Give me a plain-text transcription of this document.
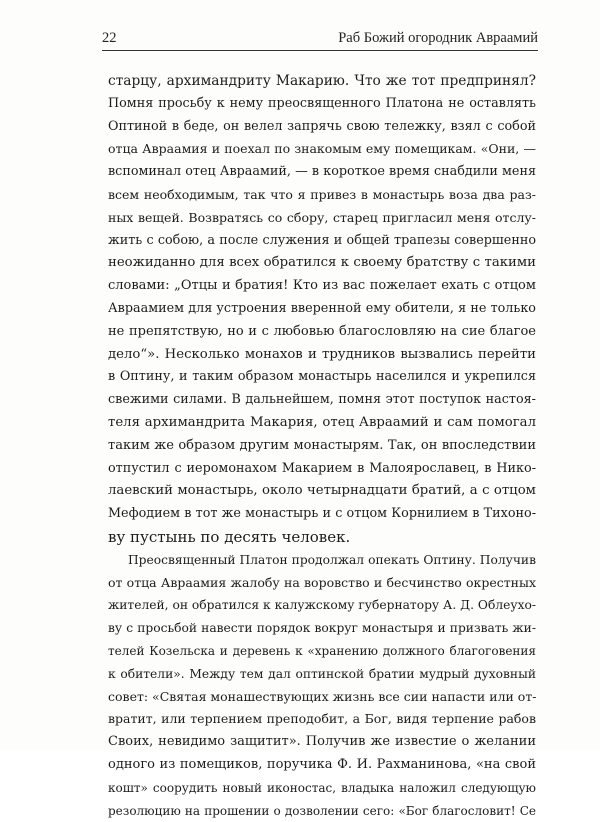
22	Раб Божий огородник Авраамий
старцу, архимандриту Макарию. Что же тот предпринял?
Помня просьбу к нему преосвященного Платона не оставлять
Оптиной в беде, он велел запрячь свою тележку, взял с собой
отца Авраамия и поехал по знакомым ему помещикам. «Они, —
вспоминал отец Авраамий, — в короткое время снабдили меня
всем необходимым, так что я привез в монастырь воза два раз-
ных вещей. Возвратясь со сбору, старец пригласил меня отслу-
жить с собою, а после служения и общей трапезы совершенно
неожиданно для всех обратился к своему братству с такими
словами: „Отцы и братия! Кто из вас пожелает ехать с отцом
Авраамием для устроения вверенной ему обители, я не только
не препятствую, но и с любовью благословляю на сие благое
дело“». Несколько монахов и трудников вызвались перейти
в Оптину, и таким образом монастырь населился и укрепился
свежими силами. В дальнейшем, помня этот поступок настоя-
теля архимандрита Макария, отец Авраамий и сам помогал
таким же образом другим монастырям. Так, он впоследствии
отпустил с иеромонахом Макарием в Малоярославец, в Нико-
лаевский монастырь, около четырнадцати братий, а с отцом
Мефодием в тот же монастырь и с отцом Корнилием в Тихоно-
ву пустынь по десять человек.
Преосвященный Платон продолжал опекать Оптину. Получив
от отца Авраамия жалобу на воровство и бесчинство окрестных
жителей, он обратился к калужскому губернатору А. Д. Облеухо-
ву с просьбой навести порядок вокруг монастыря и призвать жи-
телей Козельска и деревень к «хранению должного благоговения
к обители». Между тем дал оптинской братии мудрый духовный
совет: «Святая монашествующих жизнь все сии напасти или от-
вратит, или терпением преподобит, а Бог, видя терпение рабов
Своих, невидимо защитит». Получив же известие о желании
одного из помещиков, поручика Ф. И. Рахманинова, «на свой
кошт» соорудить новый иконостас, владыка наложил следующую
резолюцию на прошении о дозволении сего: «Бог благословит! Се
